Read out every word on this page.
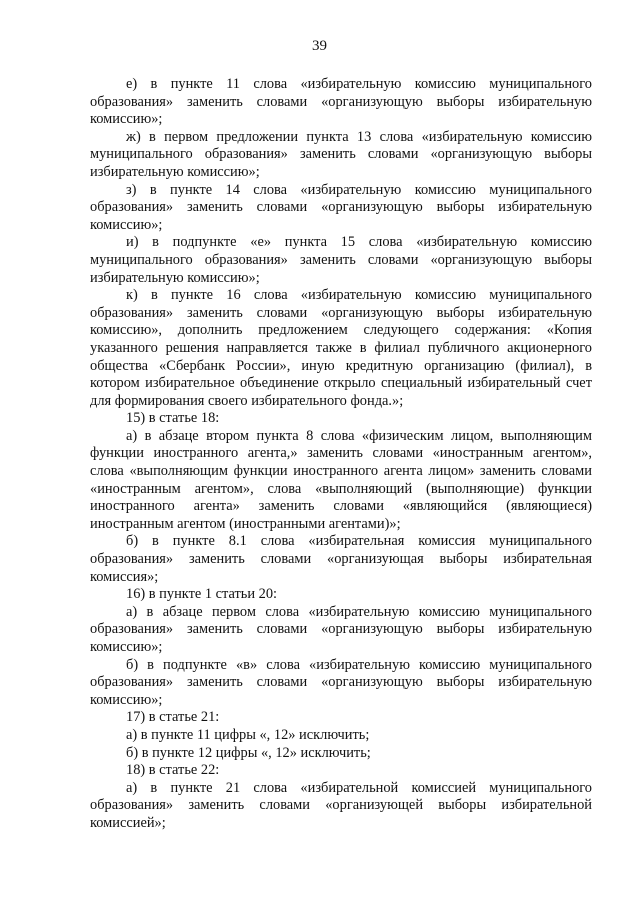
39

е) в пункте 11 слова «избирательную комиссию муниципального образования» заменить словами «организующую выборы избирательную комиссию»;

ж) в первом предложении пункта 13 слова «избирательную комиссию муниципального образования» заменить словами «организующую выборы избирательную комиссию»;

з) в пункте 14 слова «избирательную комиссию муниципального образования» заменить словами «организующую выборы избирательную комиссию»;

и) в подпункте «е» пункта 15 слова «избирательную комиссию муниципального образования» заменить словами «организующую выборы избирательную комиссию»;

к) в пункте 16 слова «избирательную комиссию муниципального образования» заменить словами «организующую выборы избирательную комиссию», дополнить предложением следующего содержания: «Копия указанного решения направляется также в филиал публичного акционерного общества «Сбербанк России», иную кредитную организацию (филиал), в котором избирательное объединение открыло специальный избирательный счет для формирования своего избирательного фонда.»;

15) в статье 18:

а) в абзаце втором пункта 8 слова «физическим лицом, выполняющим функции иностранного агента,» заменить словами «иностранным агентом», слова «выполняющим функции иностранного агента лицом» заменить словами «иностранным агентом», слова «выполняющий (выполняющие) функции иностранного агента» заменить словами «являющийся (являющиеся) иностранным агентом (иностранными агентами)»;

б) в пункте 8.1 слова «избирательная комиссия муниципального образования» заменить словами «организующая выборы избирательная комиссия»;

16) в пункте 1 статьи 20:

а) в абзаце первом слова «избирательную комиссию муниципального образования» заменить словами «организующую выборы избирательную комиссию»;

б) в подпункте «в» слова «избирательную комиссию муниципального образования» заменить словами «организующую выборы избирательную комиссию»;

17) в статье 21:

а) в пункте 11 цифры «, 12» исключить;

б) в пункте 12 цифры «, 12» исключить;

18) в статье 22:

а) в пункте 21 слова «избирательной комиссией муниципального образования» заменить словами «организующей выборы избирательной комиссией»;
